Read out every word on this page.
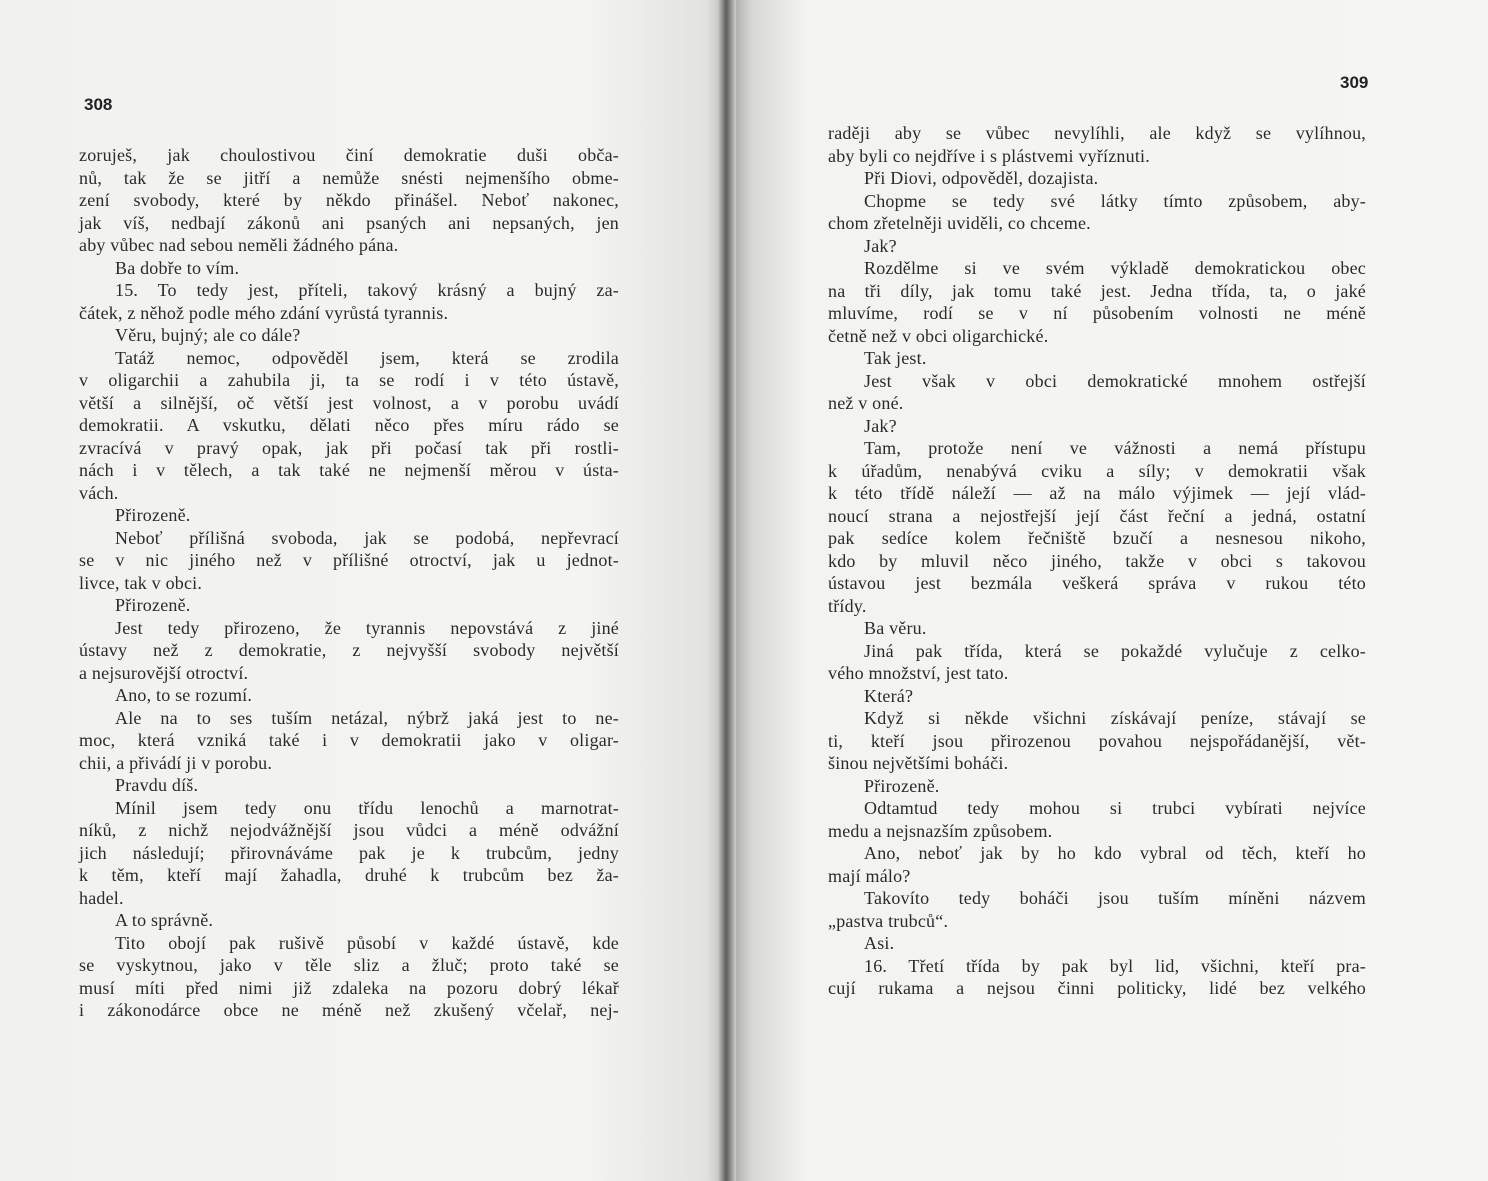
308
zoruješ, jak choulostivou činí demokratie duši obča-
nů, tak že se jitří a nemůže snésti nejmenšího obme-
zení svobody, které by někdo přinášel. Neboť nakonec,
jak víš, nedbají zákonů ani psaných ani nepsaných, jen
aby vůbec nad sebou neměli žádného pána.
Ba dobře to vím.
15. To tedy jest, příteli, takový krásný a bujný za-
čátek, z něhož podle mého zdání vyrůstá tyrannis.
Věru, bujný; ale co dále?
Tatáž nemoc, odpověděl jsem, která se zrodila
v oligarchii a zahubila ji, ta se rodí i v této ústavě,
větší a silnější, oč větší jest volnost, a v porobu uvádí
demokratii. A vskutku, dělati něco přes míru rádo se
zvracívá v pravý opak, jak při počasí tak při rostli-
nách i v tělech, a tak také ne nejmenší měrou v ústa-
vách.
Přirozeně.
Neboť přílišná svoboda, jak se podobá, nepřevrací
se v nic jiného než v přílišné otroctví, jak u jednot-
livce, tak v obci.
Přirozeně.
Jest tedy přirozeno, že tyrannis nepovstává z jiné
ústavy než z demokratie, z nejvyšší svobody největší
a nejsurovější otroctví.
Ano, to se rozumí.
Ale na to ses tuším netázal, nýbrž jaká jest to ne-
moc, která vzniká také i v demokratii jako v oligar-
chii, a přivádí ji v porobu.
Pravdu díš.
Mínil jsem tedy onu třídu lenochů a marnotrat-
níků, z nichž nejodvážnější jsou vůdci a méně odvážní
jich následují; přirovnáváme pak je k trubcům, jedny
k těm, kteří mají žahadla, druhé k trubcům bez ža-
hadel.
A to správně.
Tito obojí pak rušivě působí v každé ústavě, kde
se vyskytnou, jako v těle sliz a žluč; proto také se
musí míti před nimi již zdaleka na pozoru dobrý lékař
i zákonodárce obce ne méně než zkušený včelař, nej-
309
raději aby se vůbec nevylíhli, ale když se vylíhnou,
aby byli co nejdříve i s plástvemi vyříznuti.
Při Diovi, odpověděl, dozajista.
Chopme se tedy své látky tímto způsobem, aby-
chom zřetelněji uviděli, co chceme.
Jak?
Rozdělme si ve svém výkladě demokratickou obec
na tři díly, jak tomu také jest. Jedna třída, ta, o jaké
mluvíme, rodí se v ní působením volnosti ne méně
četně než v obci oligarchické.
Tak jest.
Jest však v obci demokratické mnohem ostřejší
než v oné.
Jak?
Tam, protože není ve vážnosti a nemá přístupu
k úřadům, nenabývá cviku a síly; v demokratii však
k této třídě náleží — až na málo výjimek — její vlád-
noucí strana a nejostřejší její část řeční a jedná, ostatní
pak sedíce kolem řečniště bzučí a nesnesou nikoho,
kdo by mluvil něco jiného, takže v obci s takovou
ústavou jest bezmála veškerá správa v rukou této
třídy.
Ba věru.
Jiná pak třída, která se pokaždé vylučuje z celko-
vého množství, jest tato.
Která?
Když si někde všichni získávají peníze, stávají se
ti, kteří jsou přirozenou povahou nejspořádanější, vět-
šinou největšími boháči.
Přirozeně.
Odtamtud tedy mohou si trubci vybírati nejvíce
medu a nejsnazším způsobem.
Ano, neboť jak by ho kdo vybral od těch, kteří ho
mají málo?
Takovíto tedy boháči jsou tuším míněni názvem
„pastva trubců“.
Asi.
16. Třetí třída by pak byl lid, všichni, kteří pra-
cují rukama a nejsou činni politicky, lidé bez velkého
